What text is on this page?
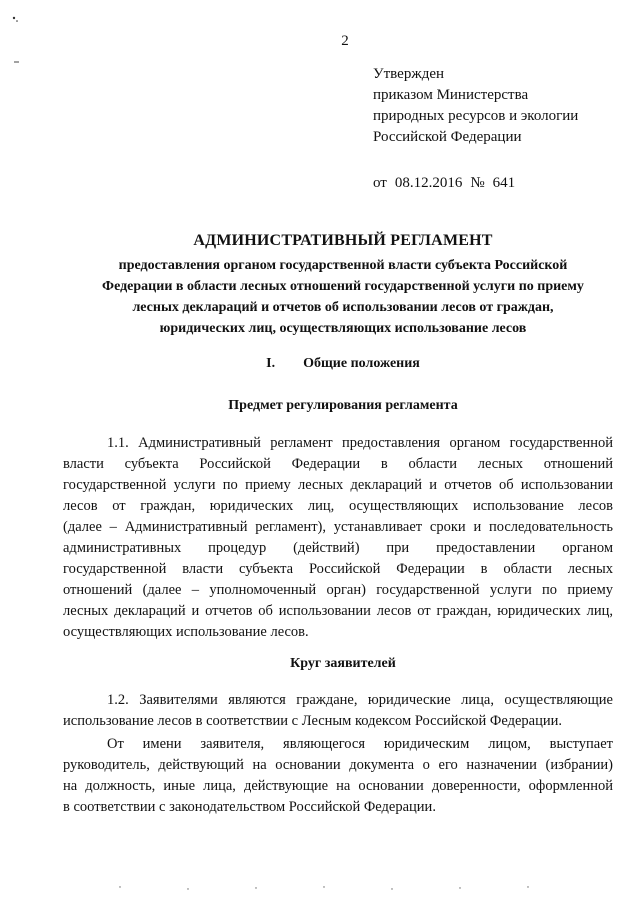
2
Утвержден
приказом Министерства
природных ресурсов и экологии
Российской Федерации
от 08.12.2016 № 641
АДМИНИСТРАТИВНЫЙ РЕГЛАМЕНТ
предоставления органом государственной власти субъекта Российской
Федерации в области лесных отношений государственной услуги по приему
лесных деклараций и отчетов об использовании лесов от граждан,
юридических лиц, осуществляющих использование лесов
I. Общие положения
Предмет регулирования регламента
1.1. Административный регламент предоставления органом государственной
власти субъекта Российской Федерации в области лесных отношений
государственной услуги по приему лесных деклараций и отчетов об использовании
лесов от граждан, юридических лиц, осуществляющих использование лесов
(далее – Административный регламент), устанавливает сроки и последовательность
административных процедур (действий) при предоставлении органом
государственной власти субъекта Российской Федерации в области лесных
отношений (далее – уполномоченный орган) государственной услуги по приему
лесных деклараций и отчетов об использовании лесов от граждан, юридических лиц,
осуществляющих использование лесов.
Круг заявителей
1.2. Заявителями являются граждане, юридические лица, осуществляющие
использование лесов в соответствии с Лесным кодексом Российской Федерации.
От имени заявителя, являющегося юридическим лицом, выступает
руководитель, действующий на основании документа о его назначении (избрании)
на должность, иные лица, действующие на основании доверенности, оформленной
в соответствии с законодательством Российской Федерации.
